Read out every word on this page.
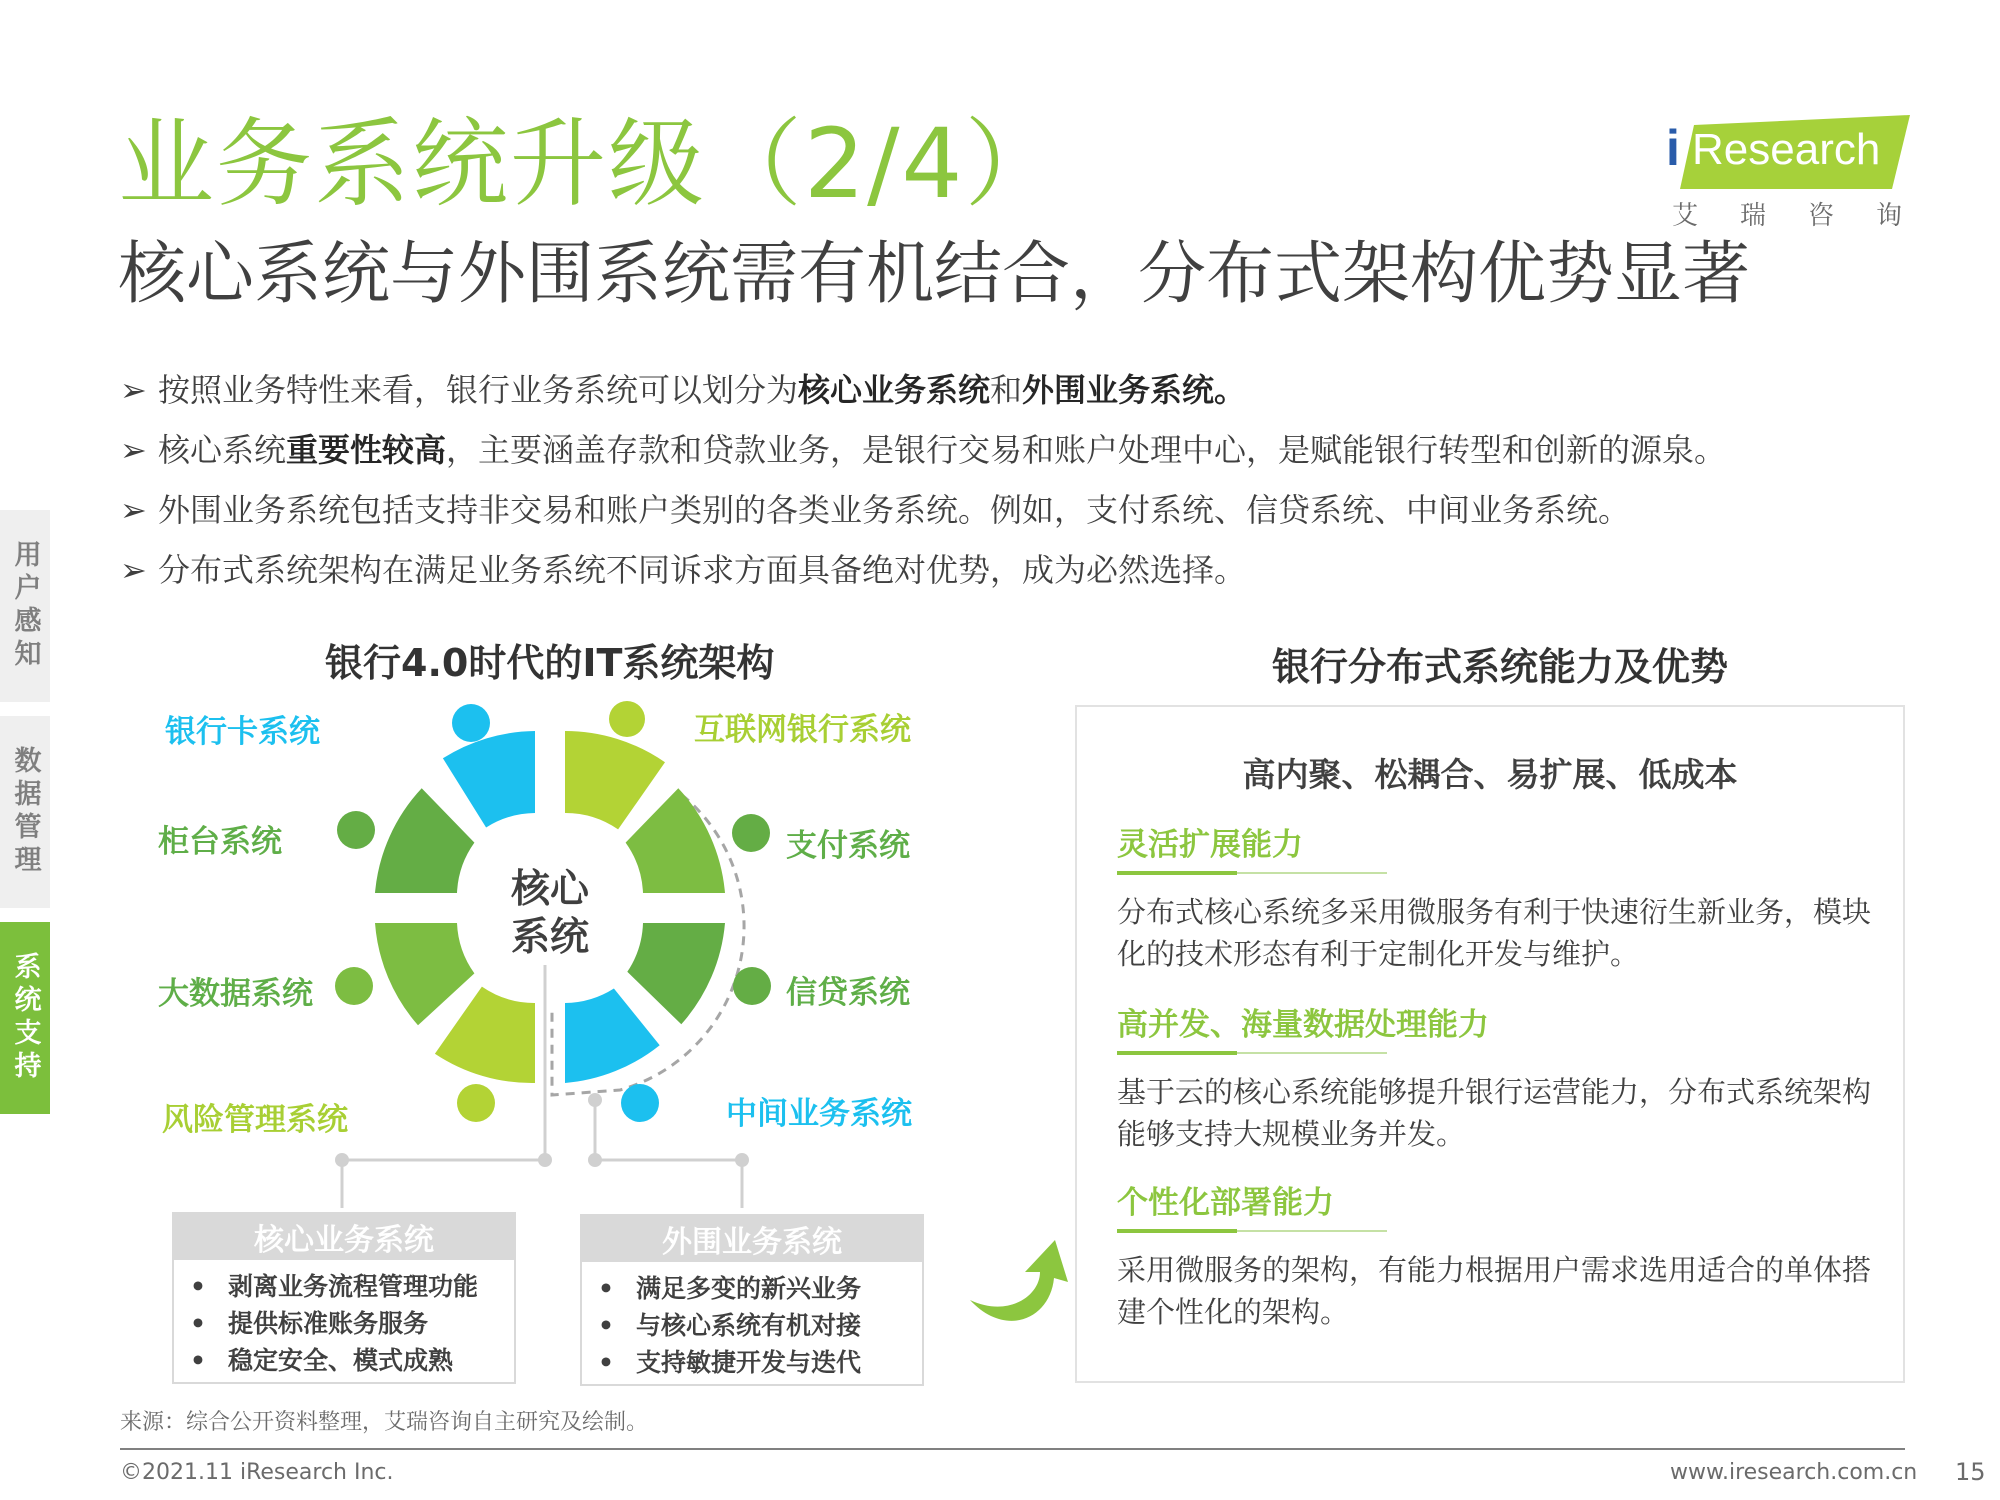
业务系统升级（2/4）
核心系统与外围系统需有机结合，分布式架构优势显著
i Research
艾 瑞 咨 询
➢ 按照业务特性来看，银行业务系统可以划分为核心业务系统和外围业务系统。
➢ 核心系统重要性较高，主要涵盖存款和贷款业务，是银行交易和账户处理中心，是赋能银行转型和创新的源泉。
➢ 外围业务系统包括支持非交易和账户类别的各类业务系统。例如，支付系统、信贷系统、中间业务系统。
➢ 分布式系统架构在满足业务系统不同诉求方面具备绝对优势，成为必然选择。
用户感知
数据管理
系统支持
银行4.0时代的IT系统架构
核心系统
银行卡系统
柜台系统
大数据系统
风险管理系统
互联网银行系统
支付系统
信贷系统
中间业务系统
核心业务系统
• 剥离业务流程管理功能
• 提供标准账务服务
• 稳定安全、模式成熟
外围业务系统
• 满足多变的新兴业务
• 与核心系统有机对接
• 支持敏捷开发与迭代
银行分布式系统能力及优势
高内聚、松耦合、易扩展、低成本
灵活扩展能力
分布式核心系统多采用微服务有利于快速衍生新业务，模块化的技术形态有利于定制化开发与维护。
高并发、海量数据处理能力
基于云的核心系统能够提升银行运营能力，分布式系统架构能够支持大规模业务并发。
个性化部署能力
采用微服务的架构，有能力根据用户需求选用适合的单体搭建个性化的架构。
来源：综合公开资料整理，艾瑞咨询自主研究及绘制。
©2021.11 iResearch Inc.	www.iresearch.com.cn 15
